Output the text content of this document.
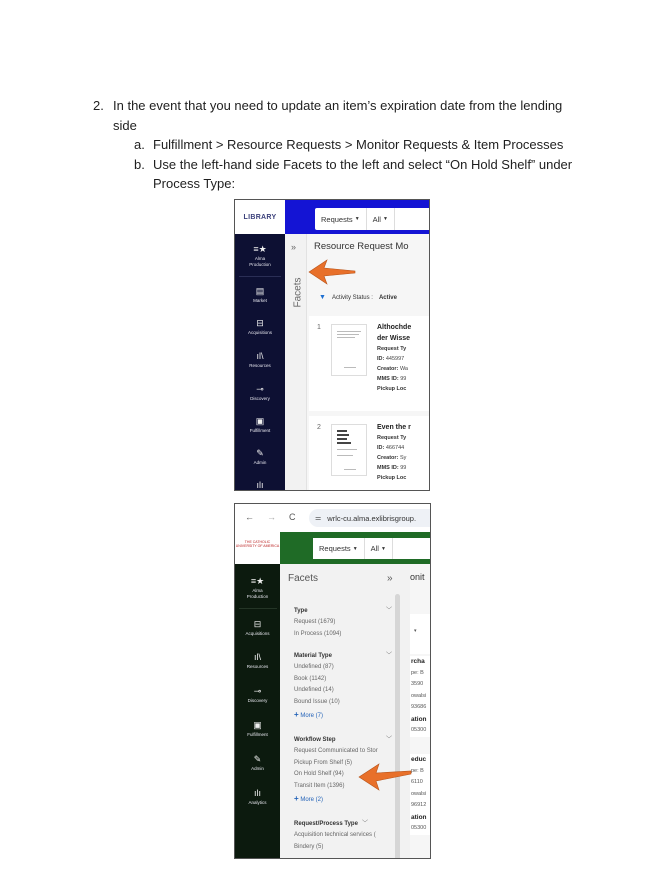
2. In the event that you need to update an item’s expiration date from the lending
side
a. Fulfillment > Resource Requests > Monitor Requests & Item Processes
b. Use the left-hand side Facets to the left and select “On Hold Shelf” under
Process Type:
LIBRARY	Requests ▼ All ▼
≡★
Alma
Production
▤
Market
⊟
Acquisitions
ıl\
Resources
⊸
Discovery
▣
Fulfillment
✎
Admin
ılı
»
Facets
Resource Request Mo
▼ Activity Status : Active
1	Althochde
der Wisse
Request Ty
ID: 445997
Creator: Wa
MMS ID: 99
Pickup Loc
2	Even the r
Request Ty
ID: 466744
Creator: Sy
MMS ID: 99
Pickup Loc
← → C	⚌ wrlc-cu.alma.exlibrisgroup.
THE CATHOLIC UNIVERSITY OF AMERICA	Requests ▼ All ▼
≡★
Alma
Production
⊟
Acquisitions
ıl\
Resources
⊸
Discovery
▣
Fulfillment
✎
Admin
ılı
Analytics
Facets	»
Type	﹀
Request (1679)
In Process (1094)
Material Type	﹀
Undefined (87)
Book (1142)
Undefined (14)
Bound Issue (10)
+ More (7)
Workflow Step	﹀
Request Communicated to Stor
Pickup From Shelf (5)
On Hold Shelf (94)
Transit Item (1396)
+ More (2)
Request/Process Type ﹀
Acquisition technical services (
Bindery (5)
onit
▾
rcha
pe: B
3590
owalsi
93686
ation
05300
educ
pe: B
6110
owalsi
96912
ation
05300
